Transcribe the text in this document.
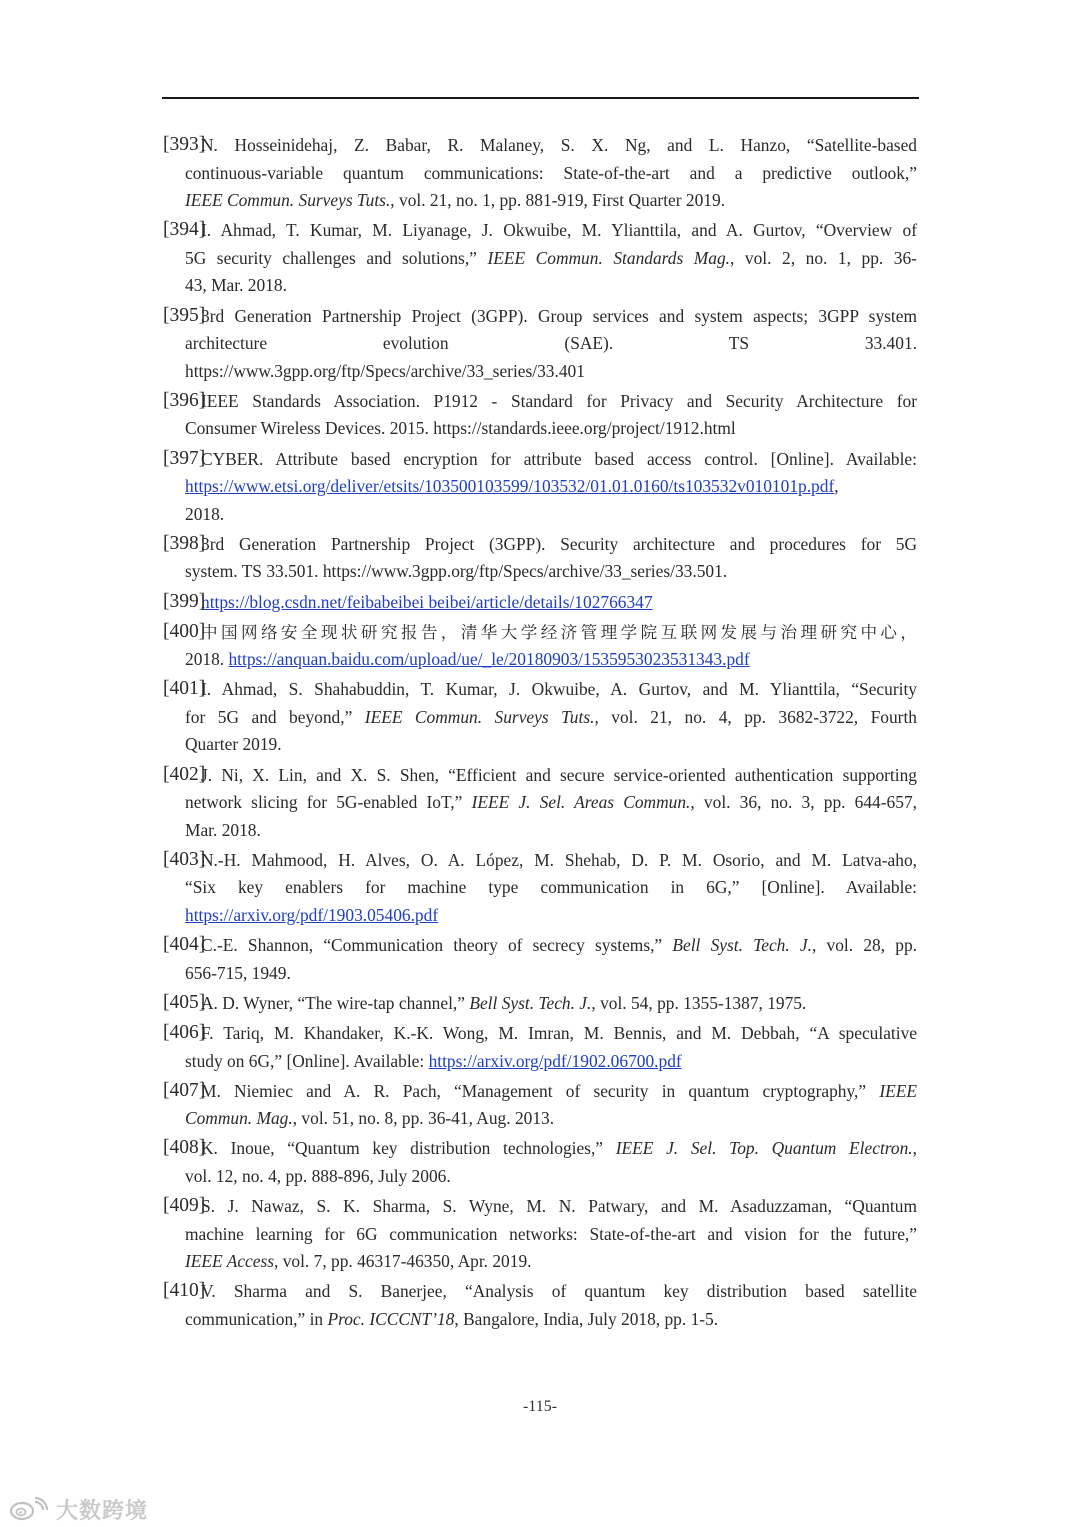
[393]
N. Hosseinidehaj, Z. Babar, R. Malaney, S. X. Ng, and L. Hanzo, “Satellite-based
continuous-variable quantum communications: State-of-the-art and a predictive outlook,”
IEEE Commun. Surveys Tuts., vol. 21, no. 1, pp. 881-919, First Quarter 2019.
[394]
I. Ahmad, T. Kumar, M. Liyanage, J. Okwuibe, M. Ylianttila, and A. Gurtov, “Overview of
5G security challenges and solutions,” IEEE Commun. Standards Mag., vol. 2, no. 1, pp. 36-
43, Mar. 2018.
[395]
3rd Generation Partnership Project (3GPP). Group services and system aspects; 3GPP system
architecture evolution (SAE). TS 33.401.
https://www.3gpp.org/ftp/Specs/archive/33_series/33.401
[396]
IEEE Standards Association. P1912 - Standard for Privacy and Security Architecture for
Consumer Wireless Devices. 2015. https://standards.ieee.org/project/1912.html
[397]
CYBER. Attribute based encryption for attribute based access control. [Online]. Available:
https://www.etsi.org/deliver/etsits/103500103599/103532/01.01.0160/ts103532v010101p.pdf,
2018.
[398]
3rd Generation Partnership Project (3GPP). Security architecture and procedures for 5G
system. TS 33.501. https://www.3gpp.org/ftp/Specs/archive/33_series/33.501.
[399]
https://blog.csdn.net/feibabeibei beibei/article/details/102766347
[400]
中国网络安全现状研究报告，清华大学经济管理学院互联网发展与治理研究中心，
2018. https://anquan.baidu.com/upload/ue/_le/20180903/1535953023531343.pdf
[401]
I. Ahmad, S. Shahabuddin, T. Kumar, J. Okwuibe, A. Gurtov, and M. Ylianttila, “Security
for 5G and beyond,” IEEE Commun. Surveys Tuts., vol. 21, no. 4, pp. 3682-3722, Fourth
Quarter 2019.
[402]
J. Ni, X. Lin, and X. S. Shen, “Efficient and secure service-oriented authentication supporting
network slicing for 5G-enabled IoT,” IEEE J. Sel. Areas Commun., vol. 36, no. 3, pp. 644-657,
Mar. 2018.
[403]
N.-H. Mahmood, H. Alves, O. A. López, M. Shehab, D. P. M. Osorio, and M. Latva-aho,
“Six key enablers for machine type communication in 6G,” [Online]. Available:
https://arxiv.org/pdf/1903.05406.pdf
[404]
C.-E. Shannon, “Communication theory of secrecy systems,” Bell Syst. Tech. J., vol. 28, pp.
656-715, 1949.
[405]
A. D. Wyner, “The wire-tap channel,” Bell Syst. Tech. J., vol. 54, pp. 1355-1387, 1975.
[406]
F. Tariq, M. Khandaker, K.-K. Wong, M. Imran, M. Bennis, and M. Debbah, “A speculative
study on 6G,” [Online]. Available: https://arxiv.org/pdf/1902.06700.pdf
[407]
M. Niemiec and A. R. Pach, “Management of security in quantum cryptography,” IEEE
Commun. Mag., vol. 51, no. 8, pp. 36-41, Aug. 2013.
[408]
K. Inoue, “Quantum key distribution technologies,” IEEE J. Sel. Top. Quantum Electron.,
vol. 12, no. 4, pp. 888-896, July 2006.
[409]
S. J. Nawaz, S. K. Sharma, S. Wyne, M. N. Patwary, and M. Asaduzzaman, “Quantum
machine learning for 6G communication networks: State-of-the-art and vision for the future,”
IEEE Access, vol. 7, pp. 46317-46350, Apr. 2019.
[410]
V. Sharma and S. Banerjee, “Analysis of quantum key distribution based satellite
communication,” in Proc. ICCCNT’18, Bangalore, India, July 2018, pp. 1-5.
-115-
大数跨境
